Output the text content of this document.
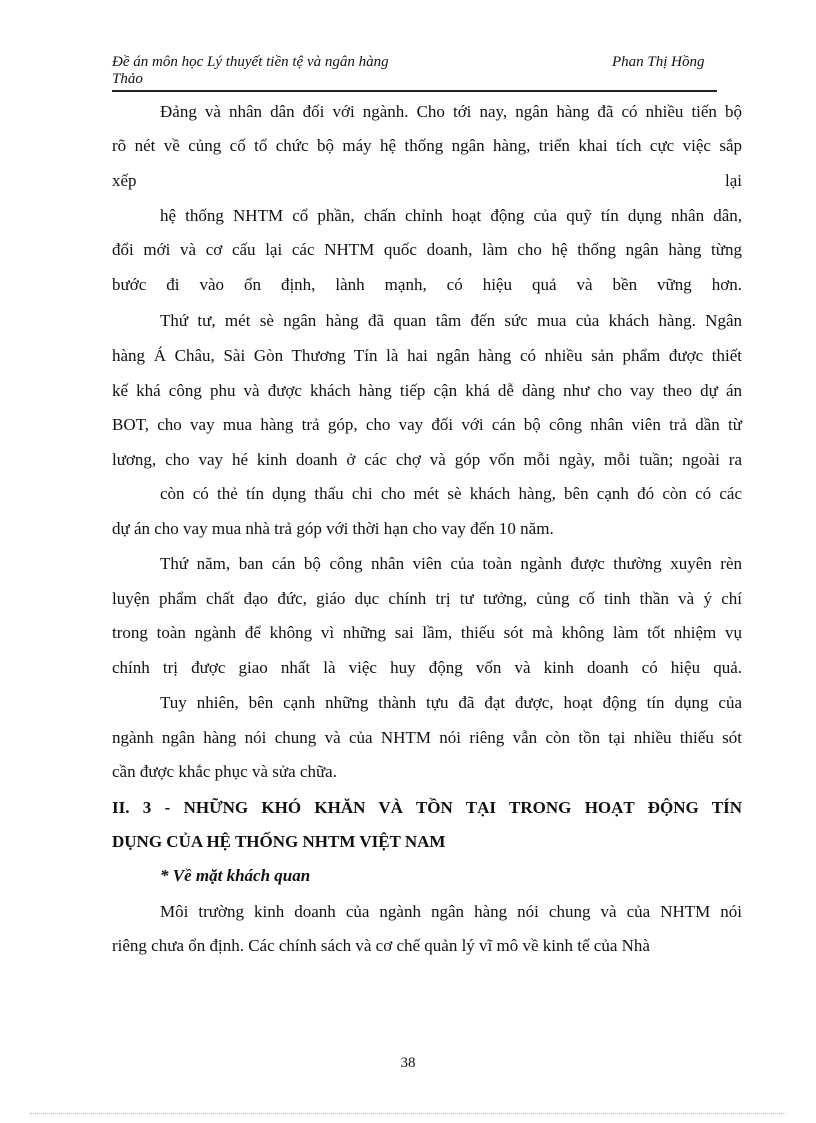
Đề án môn học Lý thuyết tiền tệ và ngân hàng
Thảo
Phan Thị Hồng
Đảng và nhân dân đối với ngành. Cho tới nay, ngân hàng đã có nhiều tiến bộ
rõ nét về củng cố tổ chức bộ máy hệ thống ngân hàng, triển khai tích cực việc sắp
xếp	lại
hệ thống NHTM cổ phần, chấn chỉnh hoạt động của quỹ tín dụng nhân dân,
đổi mới và cơ cấu lại các NHTM quốc doanh, làm cho hệ thống ngân hàng từng
bước đi vào ổn định, lành mạnh, có hiệu quả và bền vững hơn.
Thứ tư, mét sè ngân hàng đã quan tâm đến sức mua của khách hàng. Ngân
hàng Á Châu, Sài Gòn Thương Tín là hai ngân hàng có nhiều sản phẩm được thiết
kế khá công phu và được khách hàng tiếp cận khá dễ dàng như cho vay theo dự án
BOT, cho vay mua hàng trả góp, cho vay đối với cán bộ công nhân viên trả dần từ
lương, cho vay hé kinh doanh ở các chợ và góp vốn mỗi ngày, mỗi tuần; ngoài ra
còn có thẻ tín dụng thấu chi cho mét sè khách hàng, bên cạnh đó còn có các
dự án cho vay mua nhà trả góp với thời hạn cho vay đến 10 năm.
Thứ năm, ban cán bộ công nhân viên của toàn ngành được thường xuyên rèn
luyện phẩm chất đạo đức, giáo dục chính trị tư tưởng, củng cố tinh thần và ý chí
trong toàn ngành để không vì những sai lầm, thiếu sót mà không làm tốt nhiệm vụ
chính trị được giao nhất là việc huy động vốn và kinh doanh có hiệu quả.
Tuy nhiên, bên cạnh những thành tựu đã đạt được, hoạt động tín dụng của
ngành ngân hàng nói chung và của NHTM nói riêng vẫn còn tồn tại nhiều thiếu sót
cần được khắc phục và sửa chữa.
II. 3 - NHỮNG KHÓ KHĂN VÀ TỒN TẠI TRONG HOẠT ĐỘNG TÍN
DỤNG CỦA HỆ THỐNG NHTM VIỆT NAM
* Về mặt khách quan
Môi trường kinh doanh của ngành ngân hàng nói chung và của NHTM nói
riêng chưa ổn định. Các chính sách và cơ chế quản lý vĩ mô về kinh tế của Nhà
38
